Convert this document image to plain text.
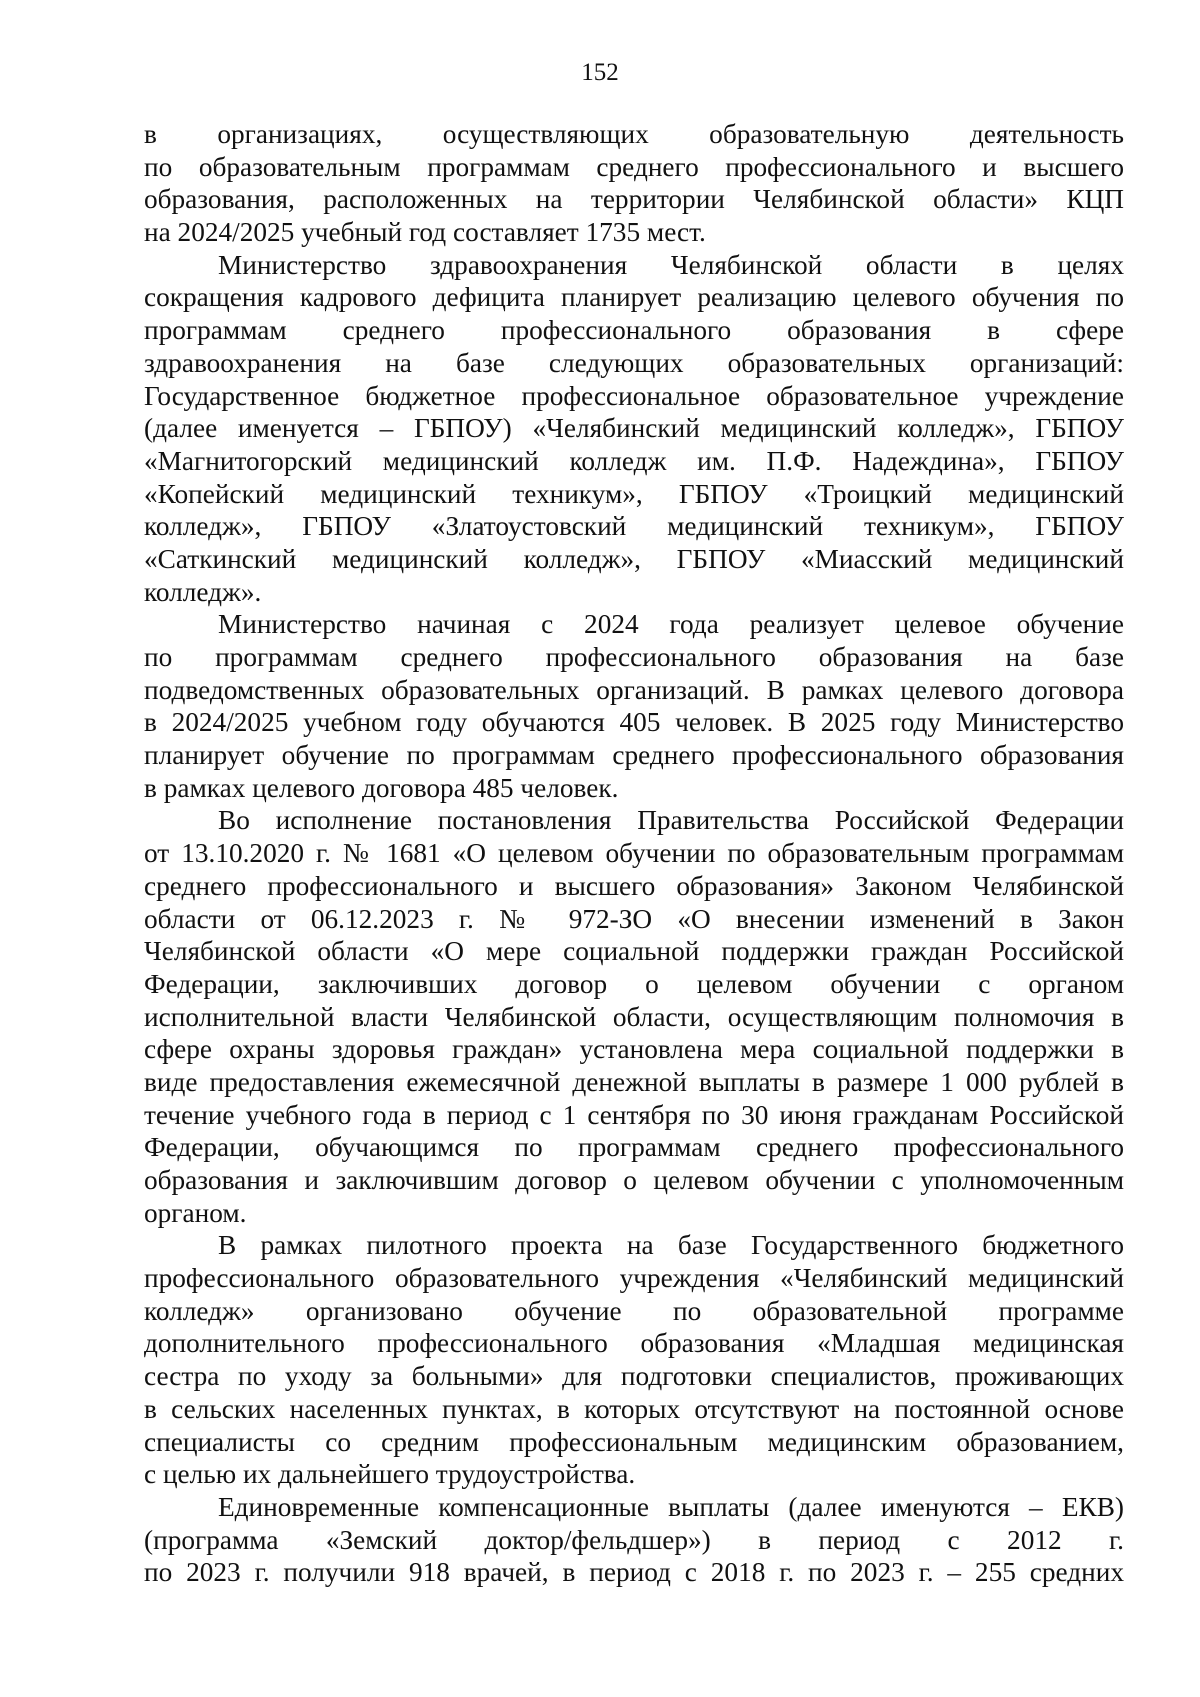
152
в организациях, осуществляющих образовательную деятельность
по образовательным программам среднего профессионального и высшего
образования, расположенных на территории Челябинской области» КЦП
на 2024/2025 учебный год составляет 1735 мест.
Министерство здравоохранения Челябинской области в целях
сокращения кадрового дефицита планирует реализацию целевого обучения по
программам среднего профессионального образования в сфере
здравоохранения на базе следующих образовательных организаций:
Государственное бюджетное профессиональное образовательное учреждение
(далее именуется – ГБПОУ) «Челябинский медицинский колледж», ГБПОУ
«Магнитогорский медицинский колледж им. П.Ф. Надеждина», ГБПОУ
«Копейский медицинский техникум», ГБПОУ «Троицкий медицинский
колледж», ГБПОУ «Златоустовский медицинский техникум», ГБПОУ
«Саткинский медицинский колледж», ГБПОУ «Миасский медицинский
колледж».
Министерство начиная с 2024 года реализует целевое обучение
по программам среднего профессионального образования на базе
подведомственных образовательных организаций. В рамках целевого договора
в 2024/2025 учебном году обучаются 405 человек. В 2025 году Министерство
планирует обучение по программам среднего профессионального образования
в рамках целевого договора 485 человек.
Во исполнение постановления Правительства Российской Федерации
от 13.10.2020 г. № 1681 «О целевом обучении по образовательным программам
среднего профессионального и высшего образования» Законом Челябинской
области от 06.12.2023 г. № 972-ЗО «О внесении изменений в Закон
Челябинской области «О мере социальной поддержки граждан Российской
Федерации, заключивших договор о целевом обучении с органом
исполнительной власти Челябинской области, осуществляющим полномочия в
сфере охраны здоровья граждан» установлена мера социальной поддержки в
виде предоставления ежемесячной денежной выплаты в размере 1 000 рублей в
течение учебного года в период с 1 сентября по 30 июня гражданам Российской
Федерации, обучающимся по программам среднего профессионального
образования и заключившим договор о целевом обучении с уполномоченным
органом.
В рамках пилотного проекта на базе Государственного бюджетного
профессионального образовательного учреждения «Челябинский медицинский
колледж» организовано обучение по образовательной программе
дополнительного профессионального образования «Младшая медицинская
сестра по уходу за больными» для подготовки специалистов, проживающих
в сельских населенных пунктах, в которых отсутствуют на постоянной основе
специалисты со средним профессиональным медицинским образованием,
с целью их дальнейшего трудоустройства.
Единовременные компенсационные выплаты (далее именуются – ЕКВ)
(программа «Земский доктор/фельдшер») в период с 2012 г.
по 2023 г. получили 918 врачей, в период с 2018 г. по 2023 г. – 255 средних
